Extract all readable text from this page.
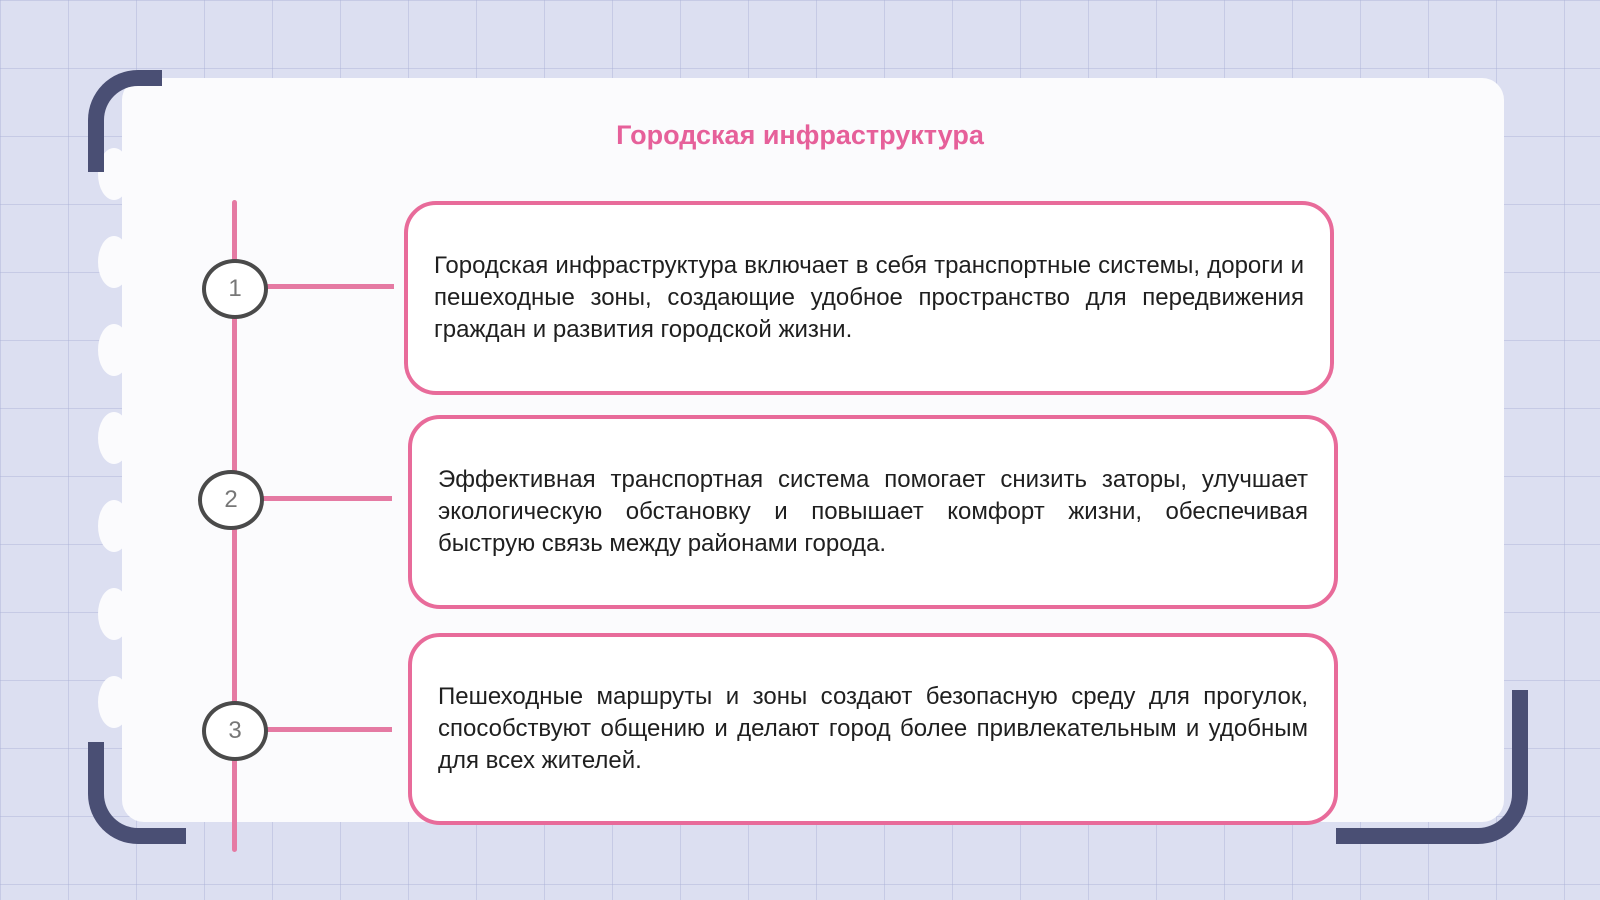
Городская инфраструктура
1

Городская инфраструктура включает в себя транспортные системы, дороги и пешеходные зоны, создающие удобное пространство для передвижения граждан и развития городской жизни.

2

Эффективная транспортная система помогает снизить заторы, улучшает экологическую обстановку и повышает комфорт жизни, обеспечивая быструю связь между районами города.

3

Пешеходные маршруты и зоны создают безопасную среду для прогулок, способствуют общению и делают город более привлекательным и удобным для всех жителей.
